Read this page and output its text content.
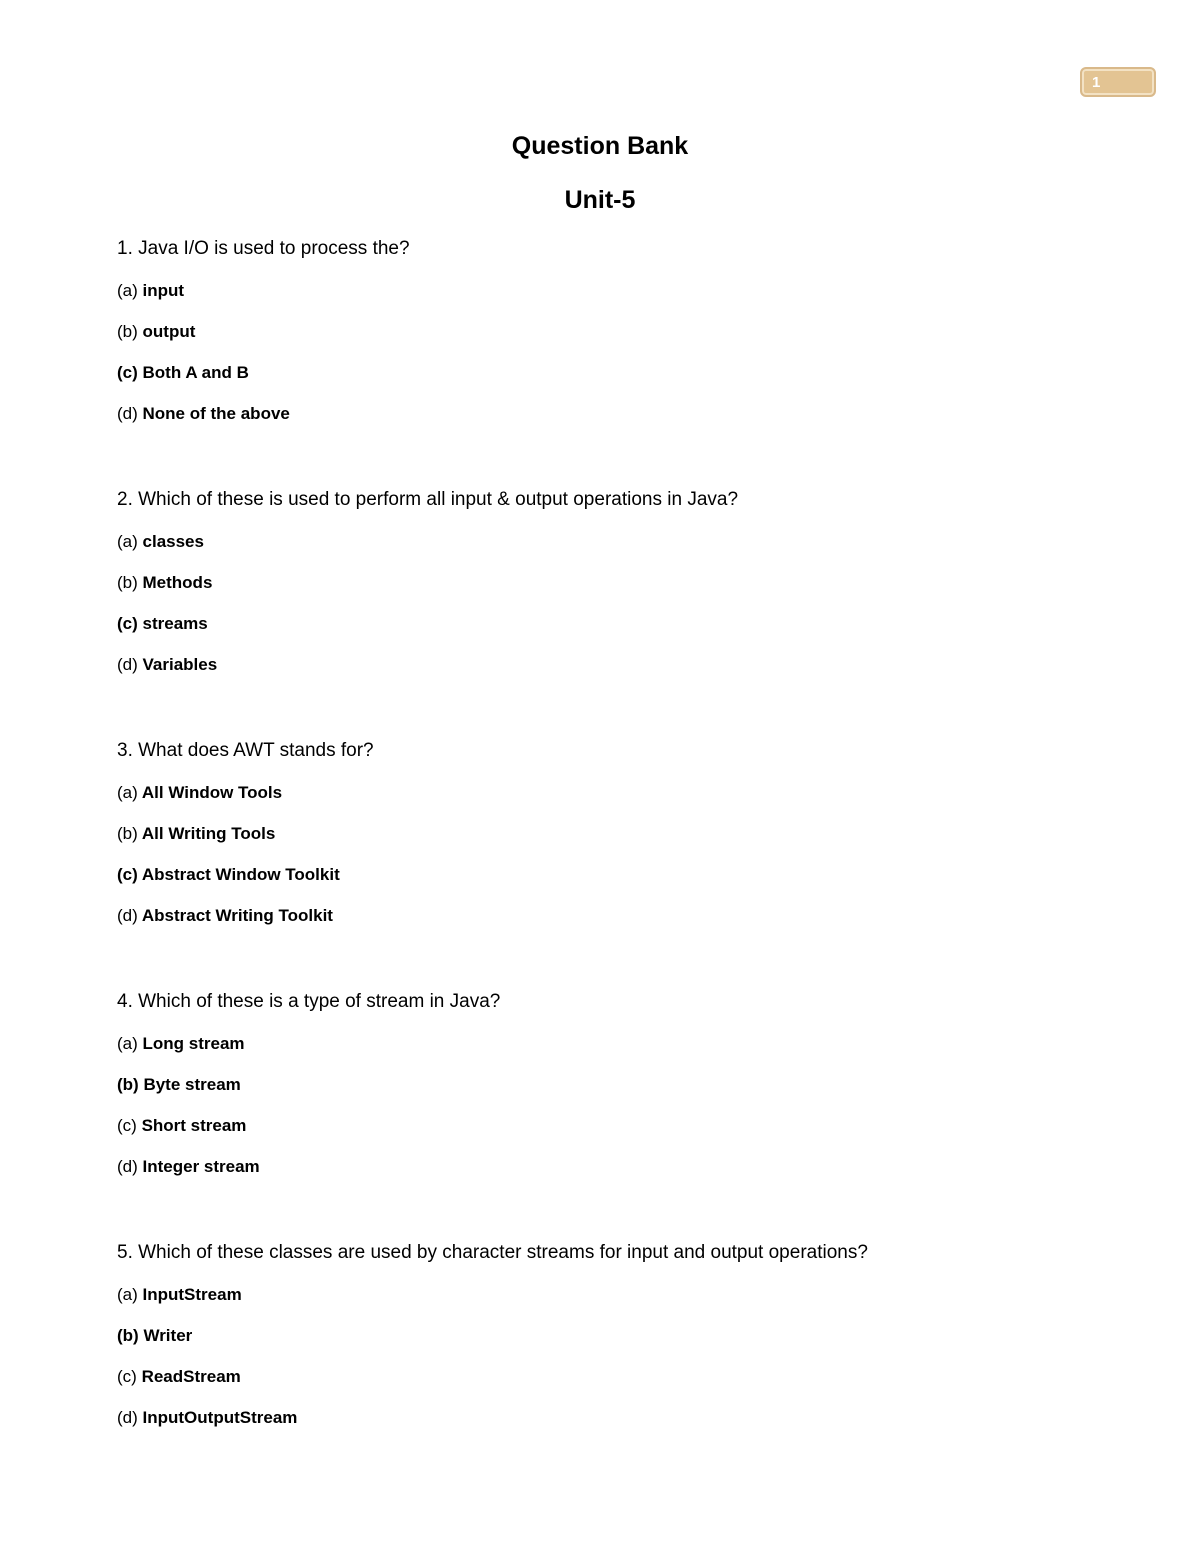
1
Question Bank
Unit-5
1. Java I/O is used to process the?
(a) input
(b) output
(c) Both A and B
(d) None of the above
2. Which of these is used to perform all input & output operations in Java?
(a) classes
(b) Methods
(c) streams
(d) Variables
3. What does AWT stands for?
(a) All Window Tools
(b) All Writing Tools
(c) Abstract Window Toolkit
(d) Abstract Writing Toolkit
4. Which of these is a type of stream in Java?
(a) Long stream
(b) Byte stream
(c) Short stream
(d) Integer stream
5. Which of these classes are used by character streams for input and output operations?
(a) InputStream
(b) Writer
(c) ReadStream
(d) InputOutputStream
